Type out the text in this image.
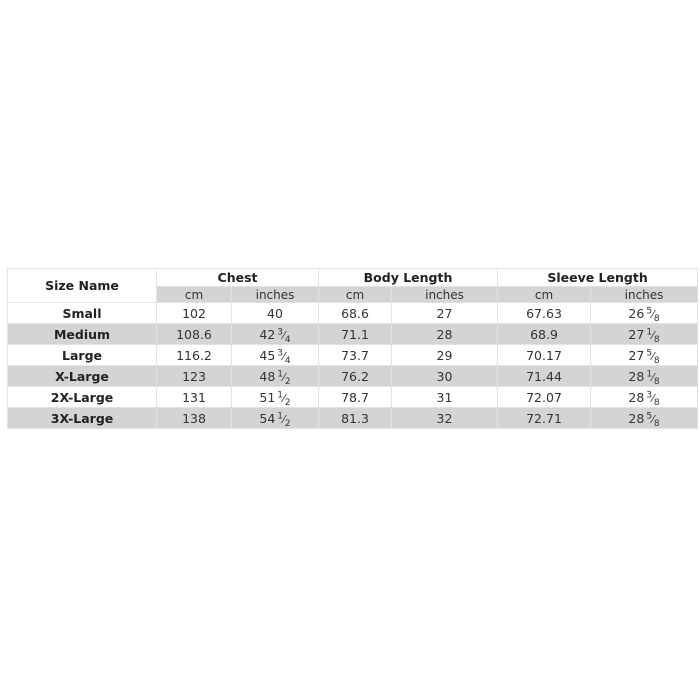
Size Name	Chest		Body Length		Sleeve Length	
	cm	inches	cm	inches	cm	inches
Small	102	40	68.6	27	67.63	26 $^5⁄_8$
Medium	108.6	42 $^3⁄_4$	71.1	28	68.9	27 $^1⁄_8$
Large	116.2	45 $^3⁄_4$	73.7	29	70.17	27 $^5⁄_8$
X-Large	123	48 $^1⁄_2$	76.2	30	71.44	28 $^1⁄_8$
2X-Large	131	51 $^1⁄_2$	78.7	31	72.07	28 $^3⁄_8$
3X-Large	138	54 $^1⁄_2$	81.3	32	72.71	28 $^5⁄_8$
